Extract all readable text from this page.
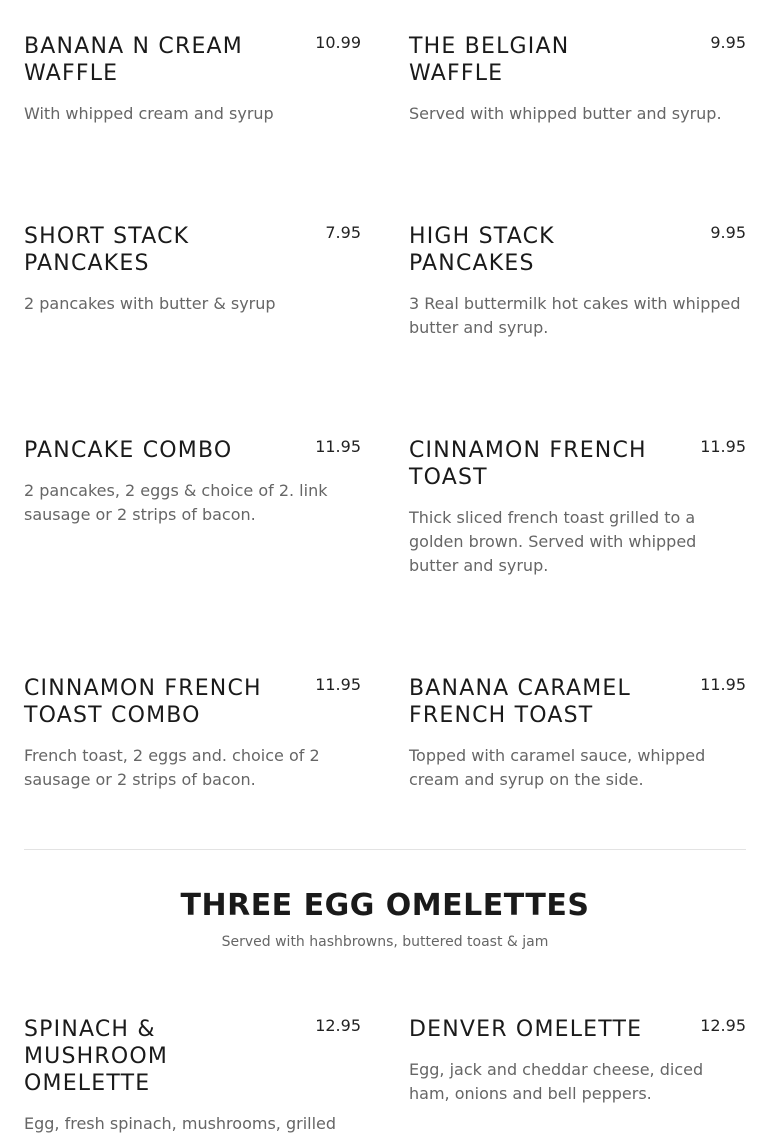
BANANA N CREAM WAFFLE
10.99
With whipped cream and syrup
THE BELGIAN WAFFLE
9.95
Served with whipped butter and syrup.
SHORT STACK PANCAKES
7.95
2 pancakes with butter & syrup
HIGH STACK PANCAKES
9.95
3 Real buttermilk hot cakes with whipped butter and syrup.
PANCAKE COMBO	11.95
2 pancakes, 2 eggs & choice of 2. link sausage or 2 strips of bacon.
CINNAMON FRENCH TOAST
11.95
Thick sliced french toast grilled to a golden brown. Served with whipped butter and syrup.
CINNAMON FRENCH TOAST COMBO
11.95
French toast, 2 eggs and. choice of 2 sausage or 2 strips of bacon.
BANANA CARAMEL FRENCH TOAST
11.95
Topped with caramel sauce, whipped cream and syrup on the side.
THREE EGG OMELETTES
Served with hashbrowns, buttered toast & jam
SPINACH & MUSHROOM OMELETTE
12.95
Egg, fresh spinach, mushrooms, grilled
DENVER OMELETTE	12.95
Egg, jack and cheddar cheese, diced ham, onions and bell peppers.
